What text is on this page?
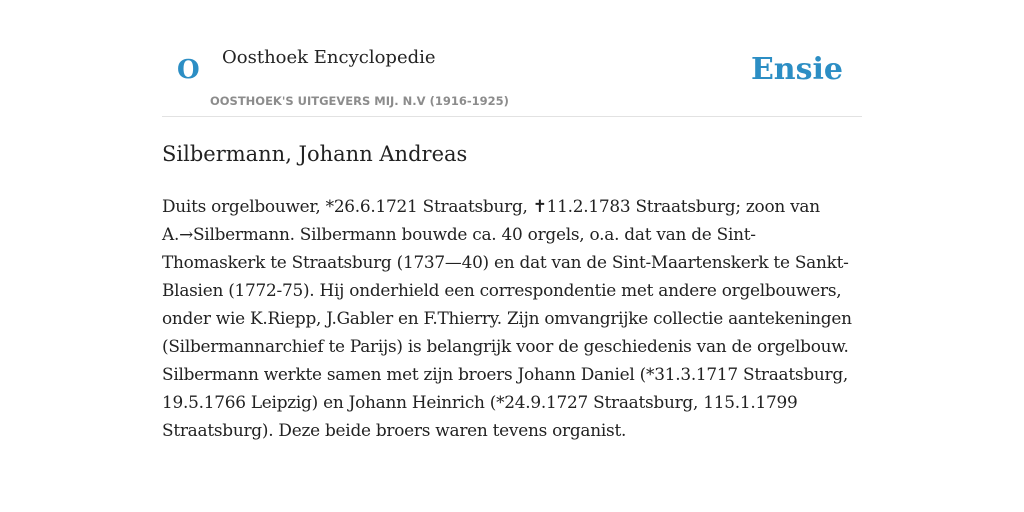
O Oosthoek Encyclopedie
OOSTHOEK'S UITGEVERS MIJ. N.V (1916-1925)
Ensie
Silbermann, Johann Andreas
Duits orgelbouwer, *26.6.1721 Straatsburg, ✝11.2.1783 Straatsburg; zoon van
A.→Silbermann. Silbermann bouwde ca. 40 orgels, o.a. dat van de Sint-
Thomaskerk te Straatsburg (1737—40) en dat van de Sint-Maartenskerk te Sankt-
Blasien (1772-75). Hij onderhield een correspondentie met andere orgelbouwers,
onder wie K.Riepp, J.Gabler en F.Thierry. Zijn omvangrijke collectie aantekeningen
(Silbermannarchief te Parijs) is belangrijk voor de geschiedenis van de orgelbouw.
Silbermann werkte samen met zijn broers Johann Daniel (*31.3.1717 Straatsburg,
19.5.1766 Leipzig) en Johann Heinrich (*24.9.1727 Straatsburg, 115.1.1799
Straatsburg). Deze beide broers waren tevens organist.
